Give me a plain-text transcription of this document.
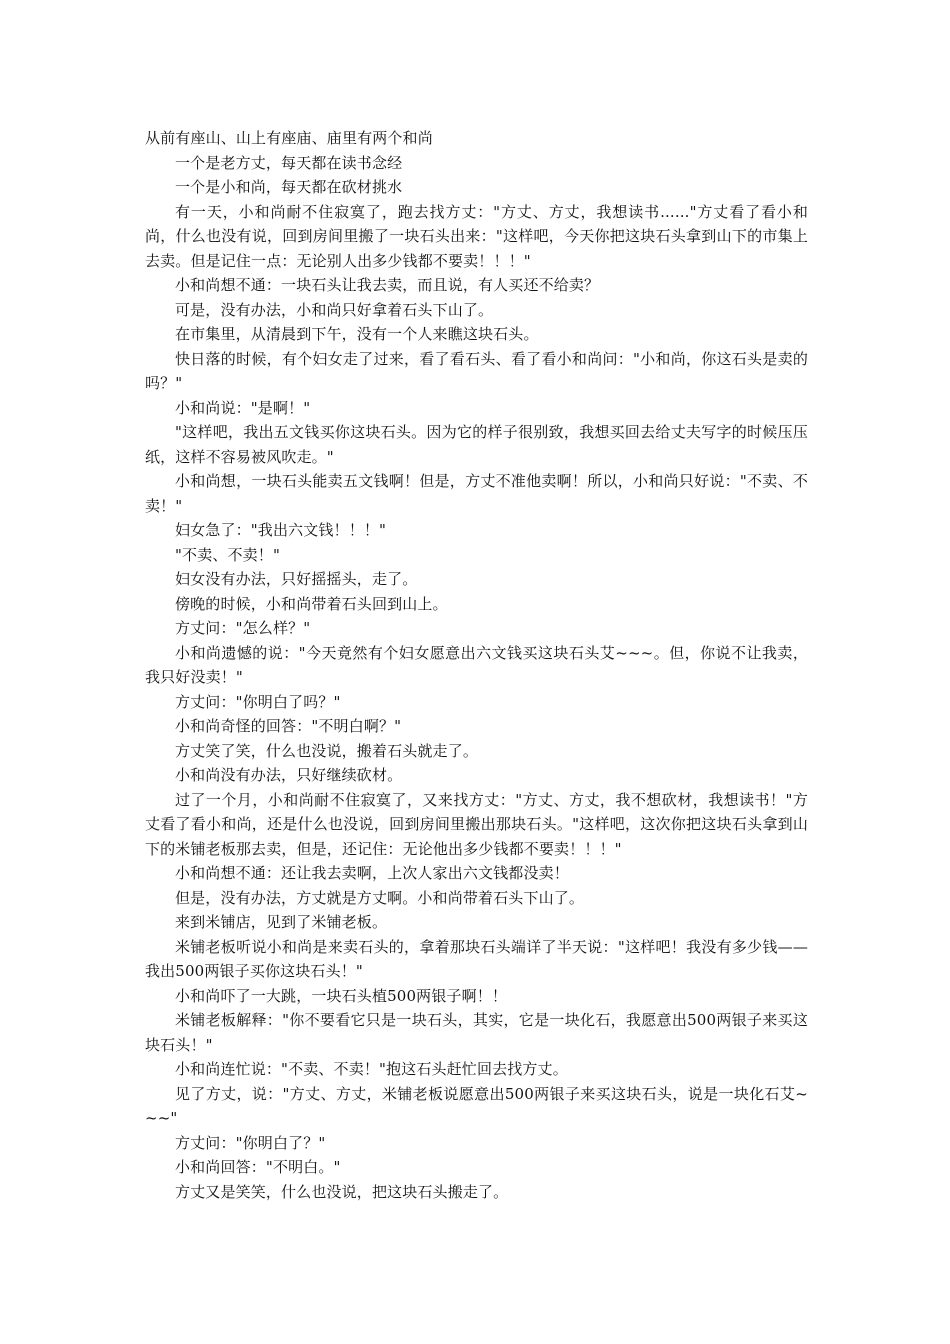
从前有座山、山上有座庙、庙里有两个和尚

一个是老方丈，每天都在读书念经

一个是小和尚，每天都在砍材挑水

有一天，小和尚耐不住寂寞了，跑去找方丈："方丈、方丈，我想读书......"方丈看了看小和尚，什么也没有说，回到房间里搬了一块石头出来："这样吧，今天你把这块石头拿到山下的市集上去卖。但是记住一点：无论别人出多少钱都不要卖！！！"

小和尚想不通：一块石头让我去卖，而且说，有人买还不给卖？

可是，没有办法，小和尚只好拿着石头下山了。

在市集里，从清晨到下午，没有一个人来瞧这块石头。

快日落的时候，有个妇女走了过来，看了看石头、看了看小和尚问："小和尚，你这石头是卖的吗？"

小和尚说："是啊！"

"这样吧，我出五文钱买你这块石头。因为它的样子很别致，我想买回去给丈夫写字的时候压压纸，这样不容易被风吹走。"

小和尚想，一块石头能卖五文钱啊！但是，方丈不准他卖啊！所以，小和尚只好说："不卖、不卖！"

妇女急了："我出六文钱！！！"

"不卖、不卖！"

妇女没有办法，只好摇摇头，走了。

傍晚的时候，小和尚带着石头回到山上。

方丈问："怎么样？"

小和尚遗憾的说："今天竟然有个妇女愿意出六文钱买这块石头艾~~~。但，你说不让我卖，我只好没卖！"

方丈问："你明白了吗？"

小和尚奇怪的回答："不明白啊？"

方丈笑了笑，什么也没说，搬着石头就走了。

小和尚没有办法，只好继续砍材。

过了一个月，小和尚耐不住寂寞了，又来找方丈："方丈、方丈，我不想砍材，我想读书！"方丈看了看小和尚，还是什么也没说，回到房间里搬出那块石头。"这样吧，这次你把这块石头拿到山下的米铺老板那去卖，但是，还记住：无论他出多少钱都不要卖！！！"

小和尚想不通：还让我去卖啊，上次人家出六文钱都没卖！

但是，没有办法，方丈就是方丈啊。小和尚带着石头下山了。

来到米铺店，见到了米铺老板。

米铺老板听说小和尚是来卖石头的，拿着那块石头端详了半天说："这样吧！我没有多少钱——我出500两银子买你这块石头！"

小和尚吓了一大跳，一块石头植500两银子啊！！

米铺老板解释："你不要看它只是一块石头，其实，它是一块化石，我愿意出500两银子来买这块石头！"

小和尚连忙说："不卖、不卖！"抱这石头赶忙回去找方丈。

见了方丈，说："方丈、方丈，米铺老板说愿意出500两银子来买这块石头，说是一块化石艾~~~"

方丈问："你明白了？"

小和尚回答："不明白。"

方丈又是笑笑，什么也没说，把这块石头搬走了。
